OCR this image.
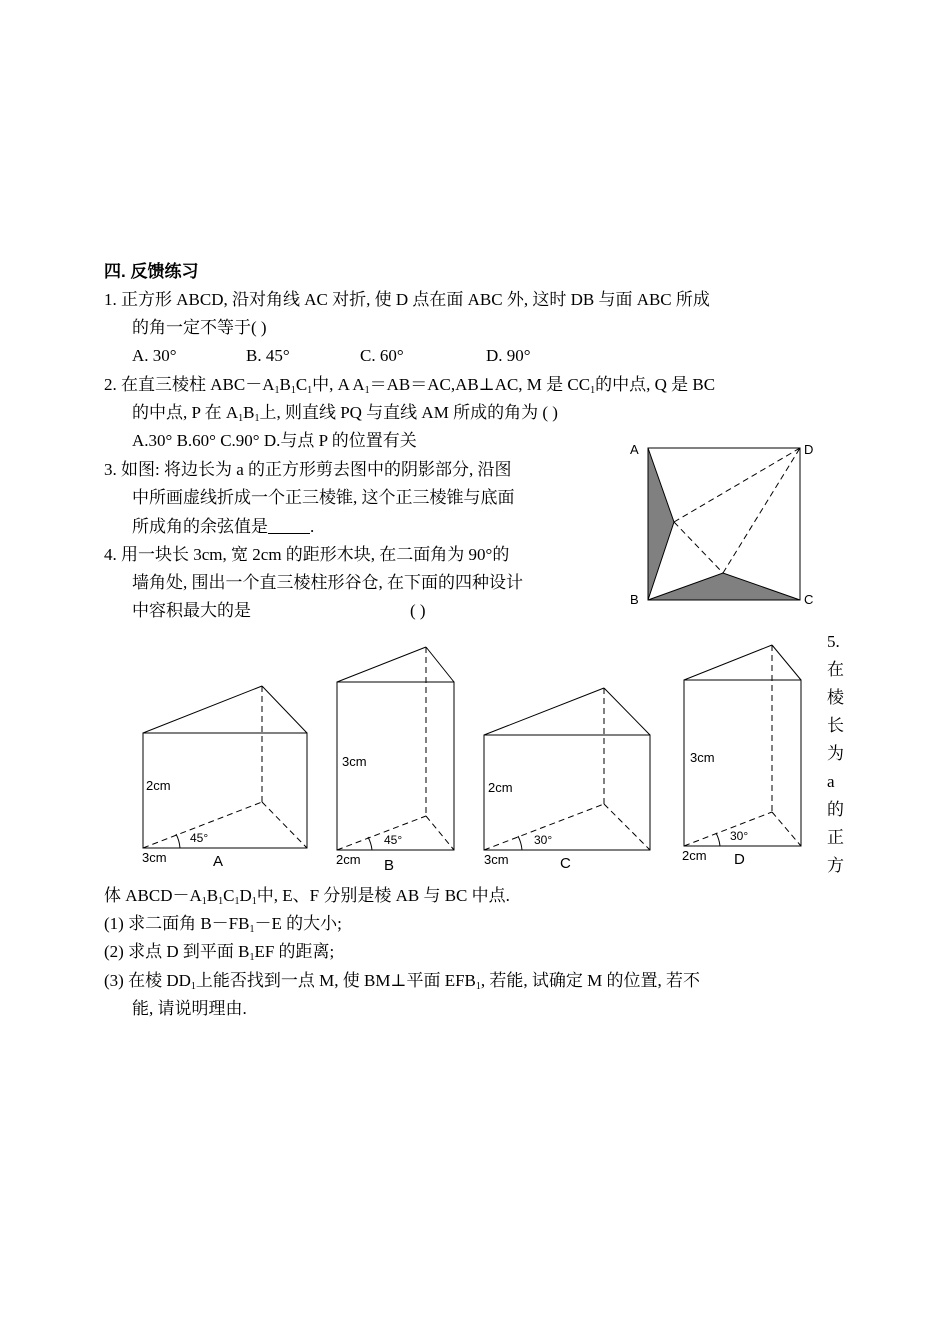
四. 反馈练习
1. 正方形 ABCD, 沿对角线 AC 对折, 使 D 点在面 ABC 外, 这时 DB 与面 ABC 所成
的角一定不等于( )
A. 30°	B. 45°	C. 60°	D. 90°
2. 在直三棱柱 $ABC-A_1B_1C_1$中, A $A_1=AB=AC,AB\perp AC$, M 是 $CC_1$的中点, Q 是 BC
的中点, P 在 $A_1B_1$上, 则直线 PQ 与直线 AM 所成的角为 ( )
A.30° B.60° C.90° D.与点 P 的位置有关
3. 如图: 将边长为 a 的正方形剪去图中的阴影部分, 沿图
中所画虚线折成一个正三棱锥, 这个正三棱锥与底面
所成角的余弦值是 .
A	D
B	C
4. 用一块长 3cm, 宽 2cm 的距形木块, 在二面角为 90°的
墙角处, 围出一个直三棱柱形谷仓, 在下面的四种设计
中容积最大的是	( )
2cm
45°
3cm	A
3cm
45°
2cm B
2cm
30°
3cm	C
3cm
30°
2cm D
5.
在
棱
长
为
a
的
正
方
体 $ABCD-A_1B_1C_1D_1$中, E、F 分别是棱 AB 与 BC 中点.
(1) 求二面角 $B-FB_1-E$ 的大小;
(2) 求点 D 到平面 $B_1EF$ 的距离;
(3) 在棱 $DD_1$上能否找到一点 M, 使 BM⊥平面 $EFB_1$, 若能, 试确定 M 的位置, 若不
能, 请说明理由.
